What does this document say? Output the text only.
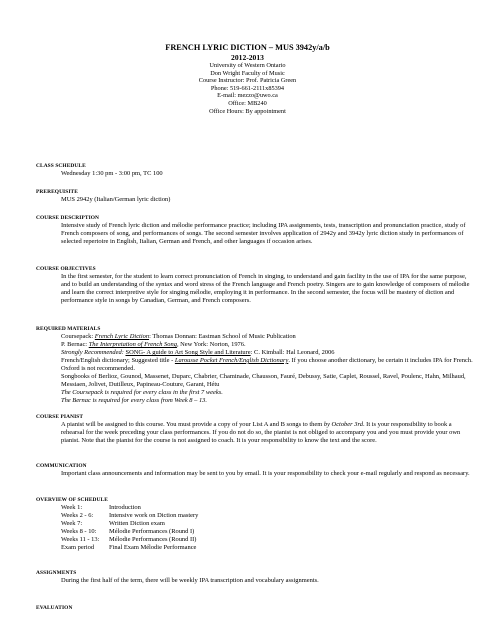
FRENCH LYRIC DICTION – MUS 3942y/a/b
2012-2013
University of Western Ontario
Don Wright Faculty of Music
Course Instructor: Prof. Patricia Green
Phone: 519-661-2111x85394
E-mail: mezzo@uwo.ca
Office: MB240
Office Hours: By appointment
CLASS SCHEDULE
Wednesday 1:30 pm - 3:00 pm, TC 100
PREREQUISITE
MUS 2942y (Italian/German lyric diction)
COURSE DESCRIPTION
Intensive study of French lyric diction and mélodie performance practice; including IPA assignments, tests, transcription and pronunciation practice, study of French composers of song, and performances of songs. The second semester involves application of 2942y and 3942y lyric diction study in performances of selected repertoire in English, Italian, German and French, and other languages if occasion arises.
COURSE OBJECTIVES
In the first semester, for the student to learn correct pronunciation of French in singing, to understand and gain facility in the use of IPA for the same purpose, and to build an understanding of the syntax and word stress of the French language and French poetry. Singers are to gain knowledge of composers of mélodie and learn the correct interpretive style for singing mélodie, employing it in performance. In the second semester, the focus will be mastery of diction and performance style in songs by Canadian, German, and French composers.
REQUIRED MATERIALS
Coursepack: French Lyric Diction: Thomas Donnan: Eastman School of Music Publication
P. Bernac: The Interpretation of French Song, New York: Norton, 1976.
Strongly Recommended: SONG- A guide to Art Song Style and Literature: C. Kimball: Hal Leonard, 2006
French/English dictionary; Suggested title - Larousse Pocket French/English Dictionary. If you choose another dictionary, be certain it includes IPA for French. Oxford is not recommended.
Songbooks of Berlioz, Gounod, Massenet, Duparc, Chabrier, Chaminade, Chausson, Fauré, Debussy, Satie, Caplet, Roussel, Ravel, Poulenc, Hahn, Milhaud, Messiaen, Jolivet, Dutilleux, Papineau-Couture, Garant, Hétu
The Coursepack is required for every class in the first 7 weeks.
The Bernac is required for every class from Week 8 – 13.
COURSE PIANIST
A pianist will be assigned to this course. You must provide a copy of your List A and B songs to them by October 3rd. It is your responsibility to book a rehearsal for the week preceding your class performances. If you do not do so, the pianist is not obliged to accompany you and you must provide your own pianist. Note that the pianist for the course is not assigned to coach. It is your responsibility to know the text and the score.
COMMUNICATION
Important class announcements and information may be sent to you by email. It is your responsibility to check your e-mail regularly and respond as necessary.
OVERVIEW OF SCHEDULE
Week 1:	Introduction
Weeks 2 - 6:	Intensive work on Diction mastery
Week 7:	Written Diction exam
Weeks 8 - 10:	Mélodie Performances (Round I)
Weeks 11 - 13:	Mélodie Performances (Round II)
Exam period	Final Exam Mélodie Performance
ASSIGNMENTS
During the first half of the term, there will be weekly IPA transcription and vocabulary assignments.
EVALUATION
